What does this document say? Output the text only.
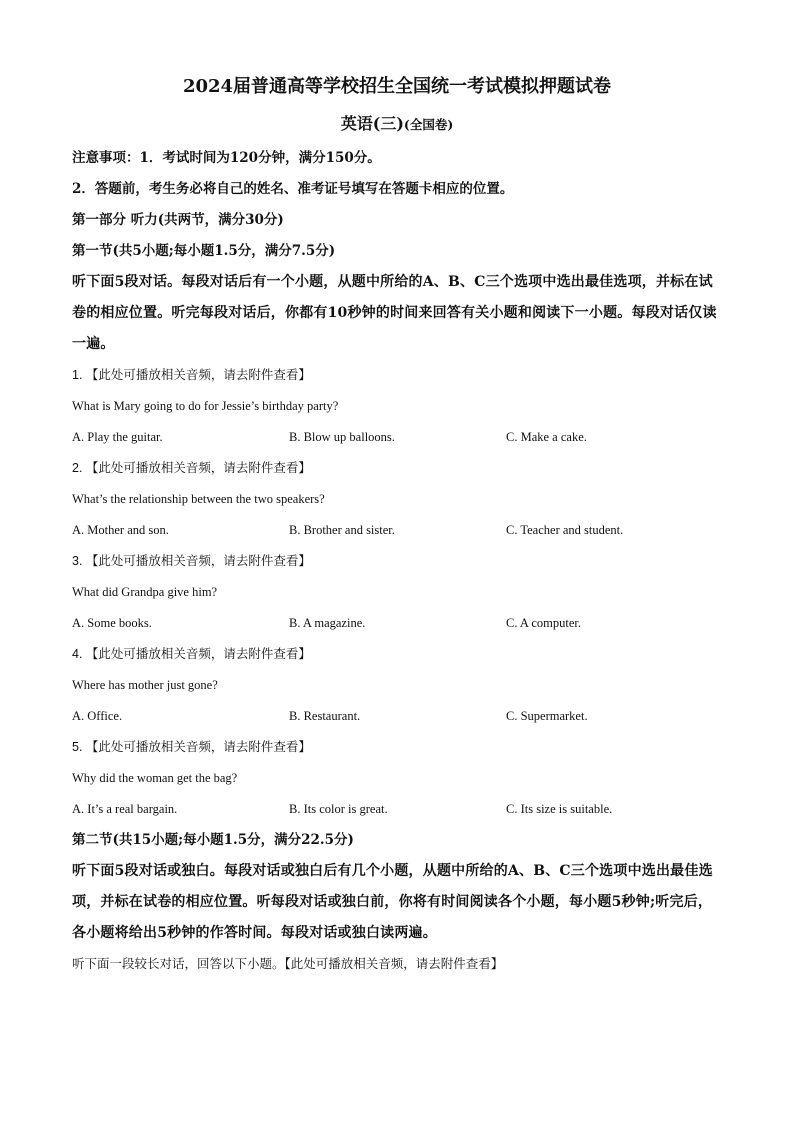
2024届普通高等学校招生全国统一考试模拟押题试卷
英语(三)(全国卷)

注意事项：1．考试时间为120分钟，满分150分。

2．答题前，考生务必将自己的姓名、准考证号填写在答题卡相应的位置。

第一部分 听力(共两节，满分30分)

第一节(共5小题;每小题1.5分，满分7.5分)

听下面5段对话。每段对话后有一个小题，从题中所给的A、B、C三个选项中选出最佳选项，并标在试卷的相应位置。听完每段对话后，你都有10秒钟的时间来回答有关小题和阅读下一小题。每段对话仅读一遍。

1. 【此处可播放相关音频，请去附件查看】

What is Mary going to do for Jessie’s birthday party?

A. Play the guitar.	B. Blow up balloons.	C. Make a cake.

2. 【此处可播放相关音频，请去附件查看】

What’s the relationship between the two speakers?

A. Mother and son.	B. Brother and sister.	C. Teacher and student.

3. 【此处可播放相关音频，请去附件查看】

What did Grandpa give him?

A. Some books.	B. A magazine.	C. A computer.

4. 【此处可播放相关音频，请去附件查看】

Where has mother just gone?

A. Office.	B. Restaurant.	C. Supermarket.

5. 【此处可播放相关音频，请去附件查看】

Why did the woman get the bag?

A. It’s a real bargain.	B. Its color is great.	C. Its size is suitable.

第二节(共15小题;每小题1.5分，满分22.5分)

听下面5段对话或独白。每段对话或独白后有几个小题，从题中所给的A、B、C三个选项中选出最佳选项，并标在试卷的相应位置。听每段对话或独白前，你将有时间阅读各个小题，每小题5秒钟;听完后，各小题将给出5秒钟的作答时间。每段对话或独白读两遍。

听下面一段较长对话，回答以下小题。【此处可播放相关音频，请去附件查看】
